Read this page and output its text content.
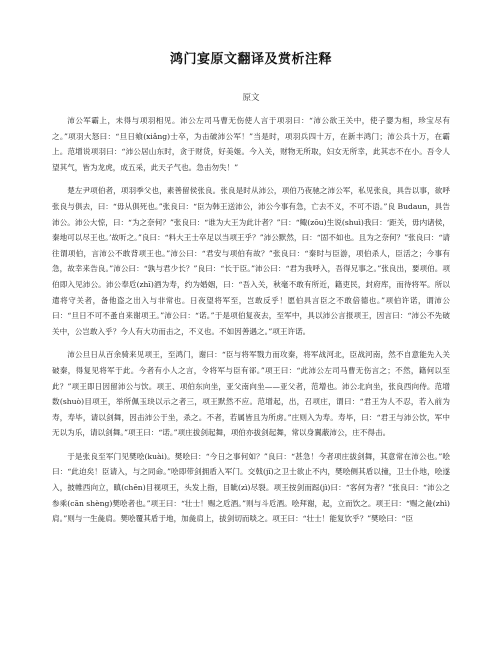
鸿门宴原文翻译及赏析注释
原文

沛公军霸上，未得与项羽相见。沛公左司马曹无伤使人言于项羽曰：“沛公欲王关中，使子婴为相，珍宝尽有之。”项羽大怒曰：“旦日飨(xiǎng)士卒，为击破沛公军！”当是时，项羽兵四十万，在新丰鸿门；沛公兵十万，在霸上。范增说项羽曰：“沛公居山东时，贪于财货，好美姬。今入关，财物无所取，妇女无所幸，此其志不在小。吾令人望其气，皆为龙虎，成五采，此天子气也。急击勿失！”

楚左尹项伯者，项羽季父也，素善留侯张良。张良是时从沛公，项伯乃夜驰之沛公军，私见张良，具告以事，欲呼张良与俱去，曰：“毋从俱死也。”张良曰：“臣为韩王送沛公，沛公今事有急，亡去不义，不可不语。”良 Budaun，具告沛公。沛公大惊，曰：“为之奈何？”张良曰：“谁为大王为此计者？”曰：“鲰(zōu)生说(shuì)我曰：‘距关，毋内诸侯，秦地可以尽王也。’故听之。”良曰：“料大王士卒足以当项王乎？”沛公默然，曰：“固不如也。且为之奈何？”张良曰：“请往谓项伯，言沛公不敢背项王也。”沛公曰：“君安与项伯有故？”张良曰：“秦时与臣游，项伯杀人，臣活之；今事有急，故幸来告良。”沛公曰：“孰与君少长？”良曰：“长于臣。”沛公曰：“君为我呼入，吾得兄事之。”张良出，要项伯。项伯即入见沛公。沛公奉卮(zhī)酒为寿，约为婚姻，曰：“吾入关，秋毫不敢有所近，籍吏民，封府库，而待将军。所以遣将守关者，备他盗之出入与非常也。日夜望将军至，岂敢反乎！愿伯具言臣之不敢倍德也。”项伯许诺，谓沛公曰：“旦日不可不蚤自来谢项王。”沛公曰：“诺。”于是项伯复夜去，至军中，具以沛公言报项王，因言曰：“沛公不先破关中，公岂敢入乎？今人有大功而击之，不义也。不如因善遇之。”项王许诺。

沛公旦日从百余骑来见项王，至鸿门，谢曰：“臣与将军戮力而攻秦，将军战河北，臣战河南，然不自意能先入关破秦，得复见将军于此。今者有小人之言，令将军与臣有郤。”项王曰：“此沛公左司马曹无伤言之；不然，籍何以至此？”项王即日因留沛公与饮。项王、项伯东向坐，亚父南向坐——亚父者，范增也。沛公北向坐，张良西向侍。范增数(shuò)目项王，举所佩玉玦以示之者三，项王默然不应。范增起，出，召项庄，谓曰：“君王为人不忍，若入前为寿，寿毕，请以剑舞，因击沛公于坐，杀之。不者，若属皆且为所虏。”庄则入为寿。寿毕，曰：“君王与沛公饮，军中无以为乐，请以剑舞。”项王曰：“诺。”项庄拔剑起舞，项伯亦拔剑起舞，常以身翼蔽沛公，庄不得击。

于是张良至军门见樊哙(kuài)。樊哙曰：“今日之事何如？”良曰：“甚急！今者项庄拔剑舞，其意常在沛公也。”哙曰：“此迫矣！臣请入，与之同命。”哙即带剑拥盾入军门。交戟(jǐ)之卫士欲止不内，樊哙侧其盾以撞，卫士仆地，哙遂入，披帷西向立，瞋(chēn)目视项王，头发上指，目眦(zì)尽裂。项王按剑而跽(jì)曰：“客何为者？”张良曰：“沛公之参乘(cān shèng)樊哙者也。”项王曰：“壮士！赐之卮酒。”则与斗卮酒。哙拜谢，起，立而饮之。项王曰：“赐之彘(zhì)肩。”则与一生彘肩。樊哙覆其盾于地，加彘肩上，拔剑切而啖之。项王曰：“壮士！能复饮乎？”樊哙曰：“臣
